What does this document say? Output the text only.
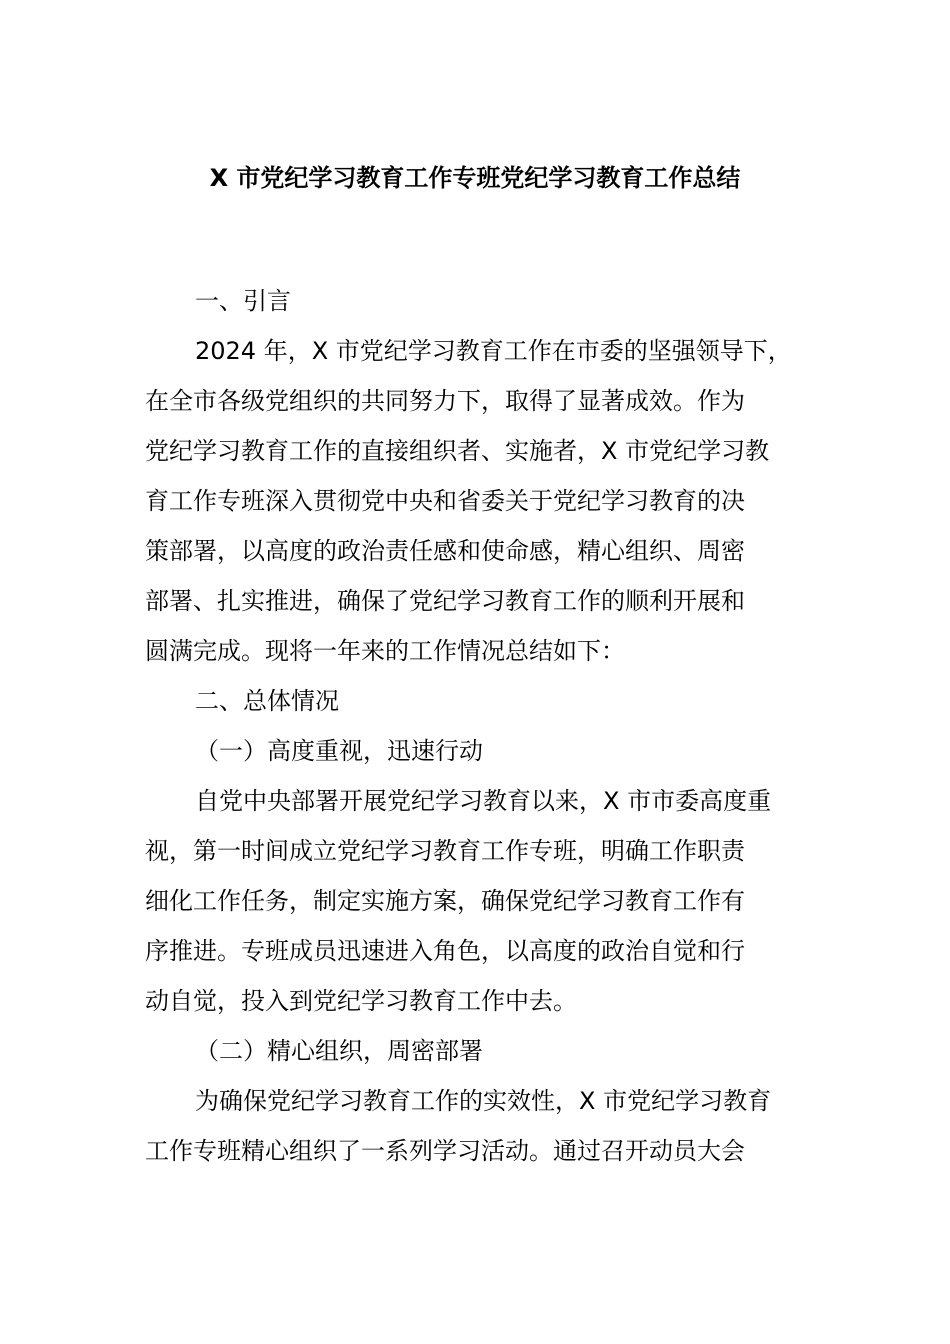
X 市党纪学习教育工作专班党纪学习教育工作总结
一、引言
2024 年，X 市党纪学习教育工作在市委的坚强领导下，
在全市各级党组织的共同努力下，取得了显著成效。作为
党纪学习教育工作的直接组织者、实施者，X 市党纪学习教
育工作专班深入贯彻党中央和省委关于党纪学习教育的决
策部署，以高度的政治责任感和使命感，精心组织、周密
部署、扎实推进，确保了党纪学习教育工作的顺利开展和
圆满完成。现将一年来的工作情况总结如下：
二、总体情况
（一）高度重视，迅速行动
自党中央部署开展党纪学习教育以来，X 市市委高度重
视，第一时间成立党纪学习教育工作专班，明确工作职责
细化工作任务，制定实施方案，确保党纪学习教育工作有
序推进。专班成员迅速进入角色，以高度的政治自觉和行
动自觉，投入到党纪学习教育工作中去。
（二）精心组织，周密部署
为确保党纪学习教育工作的实效性，X 市党纪学习教育
工作专班精心组织了一系列学习活动。通过召开动员大会
